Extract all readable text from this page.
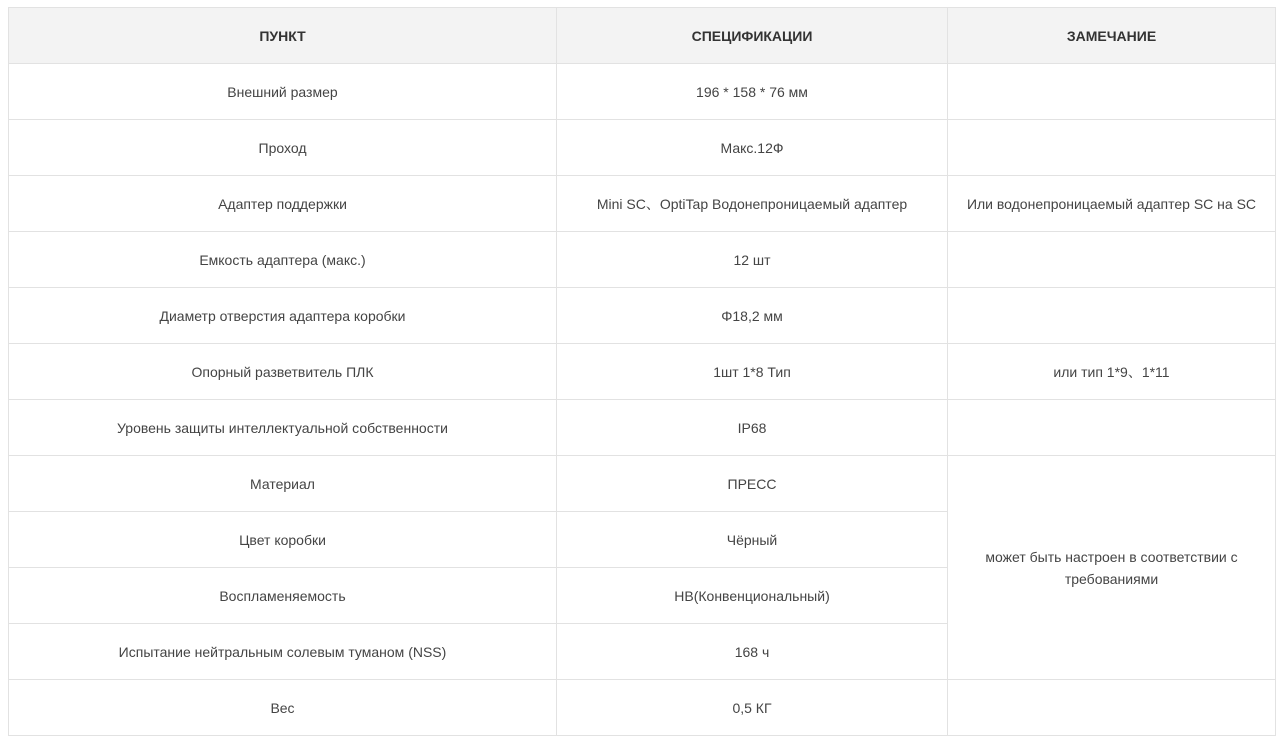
ПУНКТ	СПЕЦИФИКАЦИИ	ЗАМЕЧАНИЕ
Внешний размер	196 * 158 * 76 мм	
Проход	Макс.12Ф	
Адаптер поддержки	Mini SC、OptiTap Водонепроницаемый адаптер	Или водонепроницаемый адаптер SC на SC
Емкость адаптера (макс.)	12 шт	
Диаметр отверстия адаптера коробки	Φ18,2 мм	
Опорный разветвитель ПЛК	1шт 1*8 Тип	или тип 1*9、1*11
Уровень защиты интеллектуальной собственности	IP68	
Материал	ПРЕСС	может быть настроен в соответствии с требованиями
Цвет коробки	Чёрный	
Воспламеняемость	HB(Конвенциональный)	
Испытание нейтральным солевым туманом (NSS)	168 ч	
Вес	0,5 КГ	
